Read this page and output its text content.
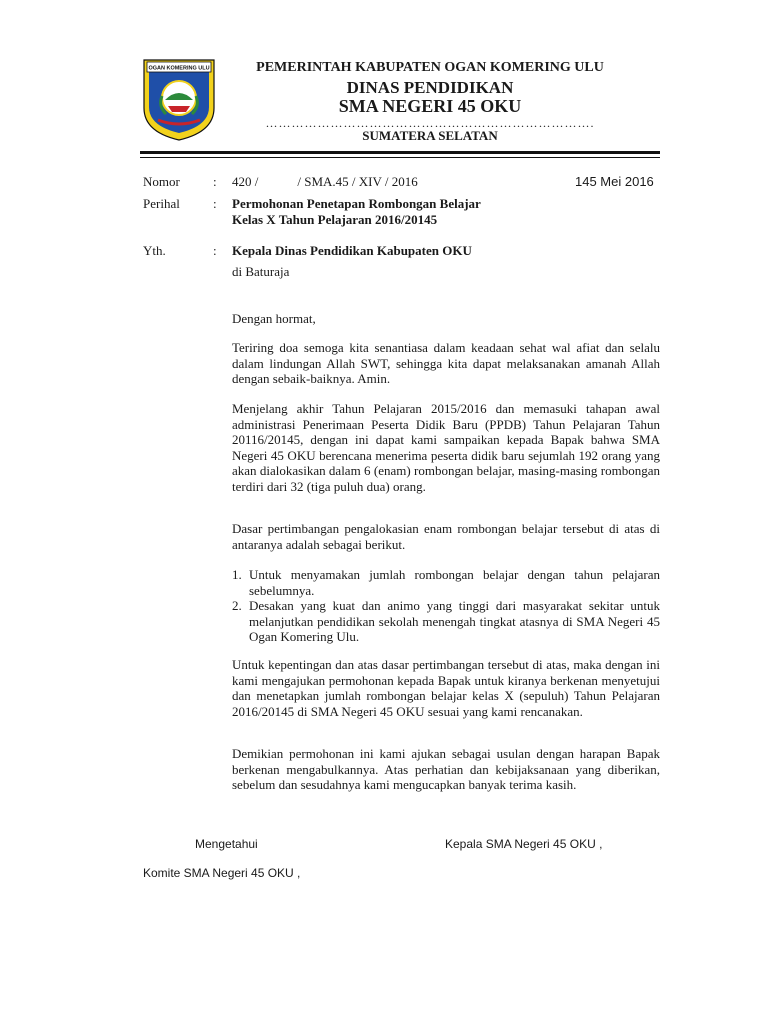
OGAN KOMERING ULU	PEMERINTAH KABUPATEN OGAN KOMERING ULU
DINAS PENDIDIKAN
SMA NEGERI 45 OKU
………………………………………………………………….
SUMATERA SELATAN
Nomor	: 420 /            / SMA.45 / XIV / 2016	145 Mei 2016
Perihal	: Permohonan Penetapan Rombongan Belajar
Kelas X Tahun Pelajaran 2016/20145
Yth.	: Kepala Dinas Pendidikan Kabupaten OKU
di Baturaja
Dengan hormat,
Teriring doa semoga kita senantiasa dalam keadaan sehat wal afiat dan selalu dalam lindungan Allah SWT, sehingga kita dapat melaksanakan amanah Allah dengan sebaik-baiknya. Amin.
Menjelang akhir Tahun Pelajaran 2015/2016 dan memasuki tahapan awal administrasi Penerimaan Peserta Didik Baru (PPDB) Tahun Pelajaran Tahun 20116/20145, dengan ini dapat kami sampaikan kepada Bapak bahwa SMA Negeri 45 OKU berencana menerima peserta didik baru sejumlah 192 orang yang akan dialokasikan dalam 6 (enam) rombongan belajar, masing-masing rombongan terdiri dari 32 (tiga puluh dua) orang.
Dasar pertimbangan pengalokasian enam rombongan belajar tersebut di atas di antaranya adalah sebagai berikut.
1. Untuk menyamakan jumlah rombongan belajar dengan tahun pelajaran sebelumnya.
2. Desakan yang kuat dan animo yang tinggi dari masyarakat sekitar untuk melanjutkan pendidikan sekolah menengah tingkat atasnya di SMA Negeri 45 Ogan Komering Ulu.
Untuk kepentingan dan atas dasar pertimbangan tersebut di atas, maka dengan ini kami mengajukan permohonan kepada Bapak untuk kiranya berkenan menyetujui dan menetapkan jumlah rombongan belajar kelas X (sepuluh) Tahun Pelajaran 2016/20145 di SMA Negeri 45 OKU sesuai yang kami rencanakan.
Demikian permohonan ini kami ajukan sebagai usulan dengan harapan Bapak berkenan mengabulkannya. Atas perhatian dan kebijaksanaan yang diberikan, sebelum dan sesudahnya kami mengucapkan banyak terima kasih.
Mengetahui	Kepala SMA Negeri 45 OKU ,
Komite SMA Negeri 45 OKU ,
